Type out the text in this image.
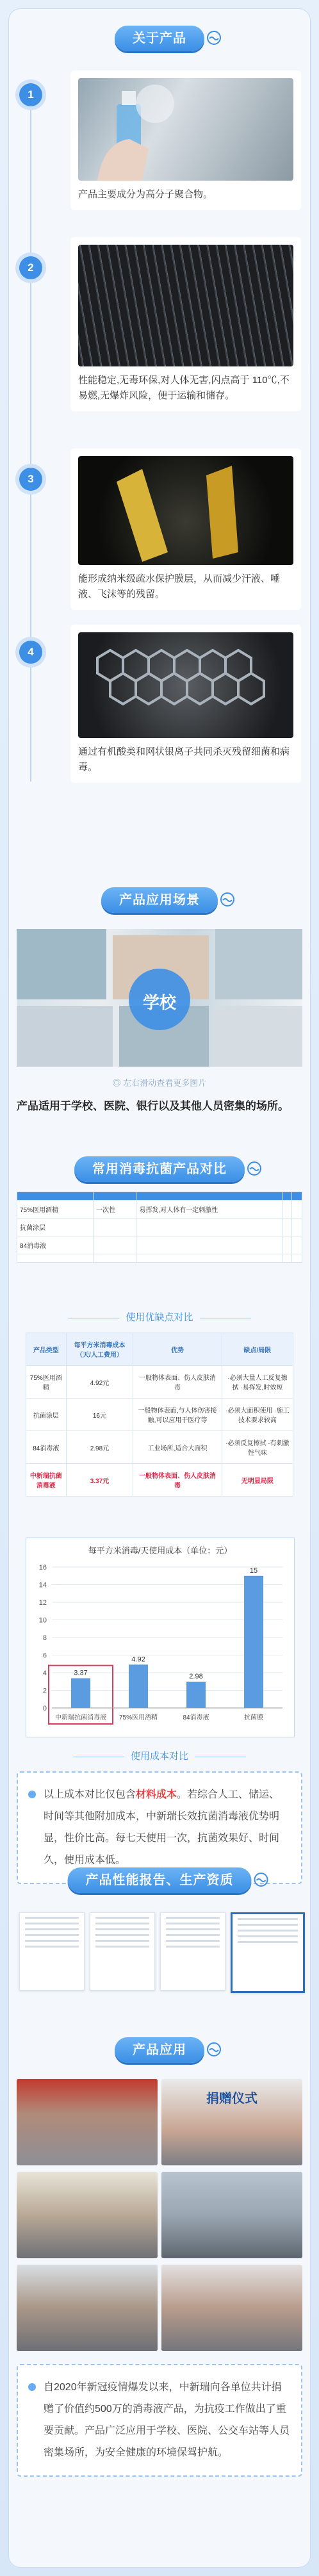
关于产品
1
产品主要成分为高分子聚合物。
2
性能稳定,无毒环保,对人体无害,闪点高于 110℃,不易燃,无爆炸风险，便于运输和储存。
3
能形成纳米级疏水保护膜层，从而减少汗液、唾液、飞沫等的残留。
4
通过有机酸类和网状银离子共同杀灭残留细菌和病毒。
产品应用场景
学校
◎ 左右滑动查看更多图片
产品适用于学校、医院、银行以及其他人员密集的场所。
常用消毒抗菌产品对比

75%医用酒精	一次性	易挥发,对人体有一定刺激性		
抗菌涂层				
84消毒液				

使用优缺点对比
产品类型	每平方米消毒成本（天/人工费用）	优势	缺点/局限
75%医用酒精	4.92元	一般物体表面、伤人皮肤消毒	·必须大量人工反复擦拭 ·易挥发,时效短
抗菌涂层	16元	一般物体表面,与人体伤害接触,可以应用于医疗等	·必须大面积使用 ·施工技术要求较高
84消毒液	2.98元	工业场所,适合大面积	·必须反复擦拭 ·有刺激性气味
中新瑞抗菌消毒液	3.37元	一般物体表面、伤人皮肤消毒	无明显局限
每平方米消毒/天使用成本（单位：元）
0
2
4
6
8
10
12
14
16
3.37
中新瑞抗菌消毒液
4.92
75%医用酒精
2.98
84消毒液
15
抗菌膜
使用成本对比
以上成本对比仅包含材料成本。若综合人工、储运、时间等其他附加成本，中新瑞长效抗菌消毒液优势明显，性价比高。每七天使用一次，抗菌效果好、时间久，使用成本低。
产品性能报告、生产资质
产品应用
捐赠仪式
自2020年新冠疫情爆发以来，中新瑞向各单位共计捐赠了价值约500万的消毒液产品，为抗疫工作做出了重要贡献。产品广泛应用于学校、医院、公交车站等人员密集场所，为安全健康的环境保驾护航。
